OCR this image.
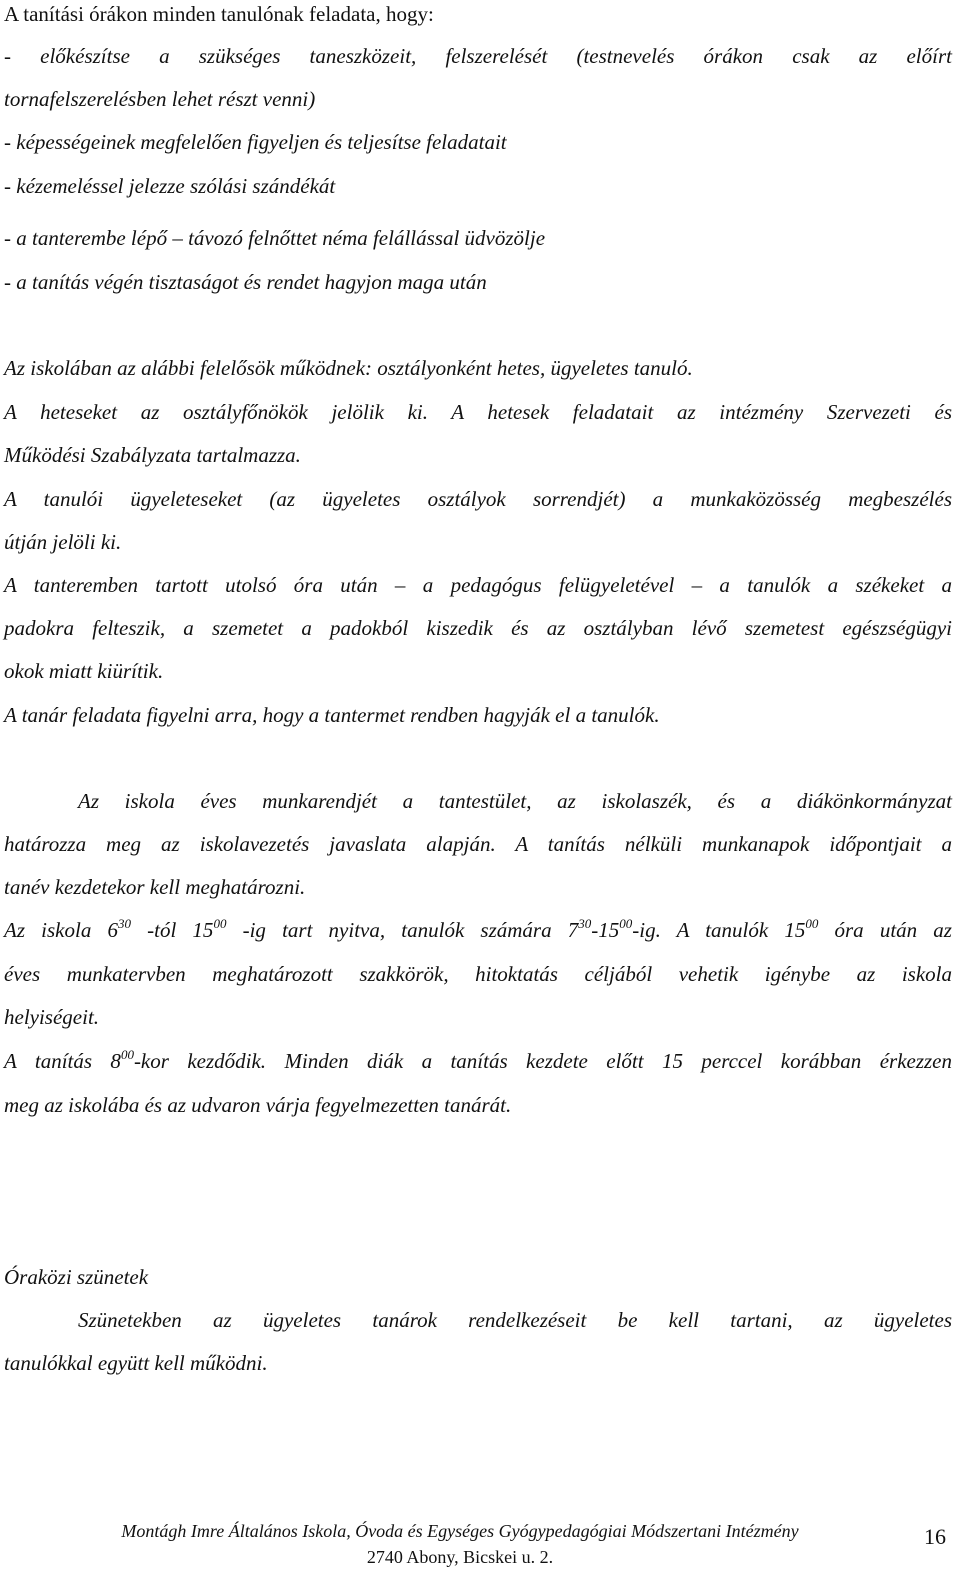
A tanítási órákon minden tanulónak feladata, hogy:
- előkészítse a szükséges taneszközeit, felszerelését (testnevelés órákon csak az előírt
tornafelszerelésben lehet részt venni)
- képességeinek megfelelően figyeljen és teljesítse feladatait
- kézemeléssel jelezze szólási szándékát
- a tanterembe lépő – távozó felnőttet néma felállással üdvözölje
- a tanítás végén tisztaságot és rendet hagyjon maga után
Az iskolában az alábbi felelősök működnek: osztályonként hetes, ügyeletes tanuló.
A heteseket az osztályfőnökök jelölik ki. A hetesek feladatait az intézmény Szervezeti és
Működési Szabályzata tartalmazza.
A tanulói ügyeleteseket (az ügyeletes osztályok sorrendjét) a munkaközösség megbeszélés
útján jelöli ki.
A tanteremben tartott utolsó óra után – a pedagógus felügyeletével – a tanulók a székeket a
padokra felteszik, a szemetet a padokból kiszedik és az osztályban lévő szemetest egészségügyi
okok miatt kiürítik.
A tanár feladata figyelni arra, hogy a tantermet rendben hagyják el a tanulók.
Az iskola éves munkarendjét a tantestület, az iskolaszék, és a diákönkormányzat
határozza meg az iskolavezetés javaslata alapján. A tanítás nélküli munkanapok időpontjait a
tanév kezdetekor kell meghatározni.
Az iskola $6^{30}$ -tól $15^{00}$ -ig tart nyitva, tanulók számára $7^{30}-15^{00}-ig$. A tanulók $15^{00}$ óra után az
éves munkatervben meghatározott szakkörök, hitoktatás céljából vehetik igénybe az iskola
helyiségeit.
A tanítás $8^{00}$-kor kezdődik. Minden diák a tanítás kezdete előtt 15 perccel korábban érkezzen
meg az iskolába és az udvaron várja fegyelmezetten tanárát.
Óraközi szünetek
Szünetekben az ügyeletes tanárok rendelkezéseit be kell tartani, az ügyeletes
tanulókkal együtt kell működni.
Montágh Imre Általános Iskola, Óvoda és Egységes Gyógypedagógiai Módszertani Intézmény
2740 Abony, Bicskei u. 2.
16
